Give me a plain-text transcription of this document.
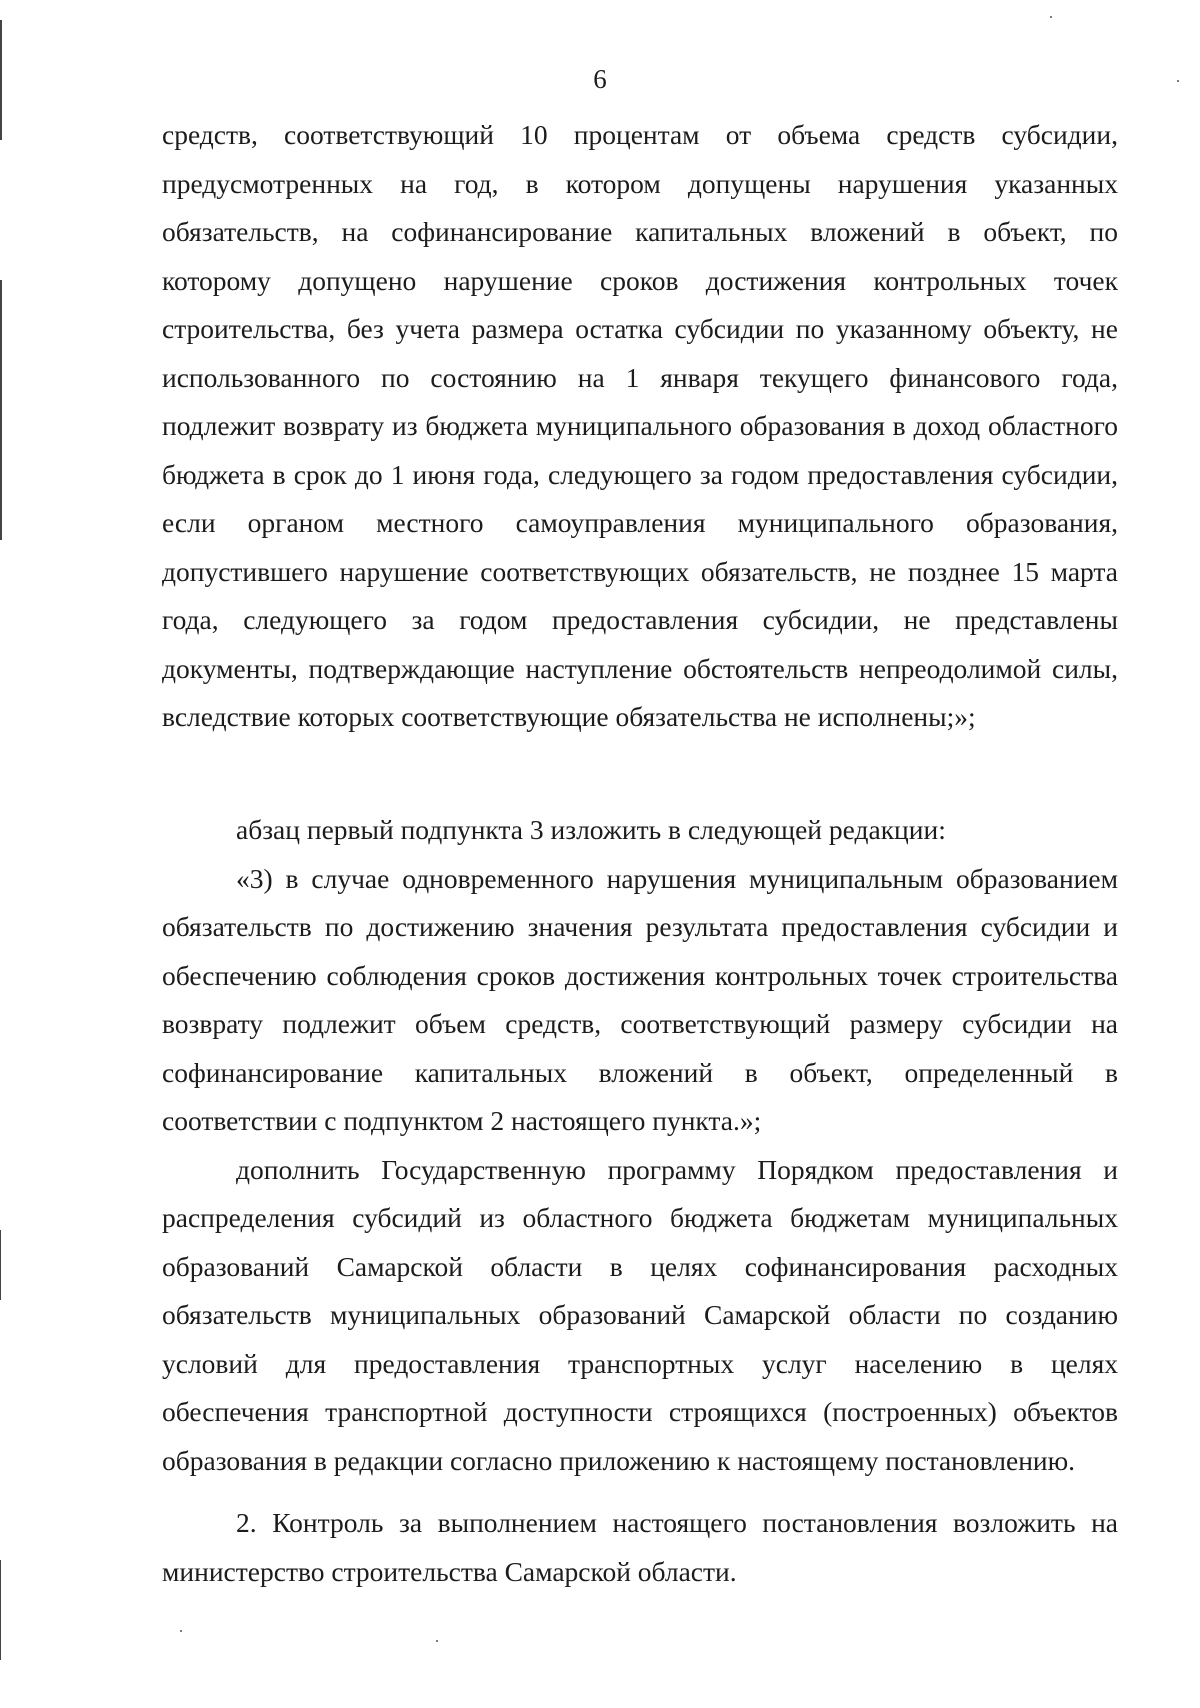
6

средств, соответствующий 10 процентам от объема средств субсидии, предусмотренных на год, в котором допущены нарушения указанных обязательств, на софинансирование капитальных вложений в объект, по которому допущено нарушение сроков достижения контрольных точек строительства, без учета размера остатка субсидии по указанному объекту, не использованного по состоянию на 1 января текущего финансового года, подлежит возврату из бюджета муниципального образования в доход областного бюджета в срок до 1 июня года, следующего за годом предоставления субсидии, если органом местного самоуправления муниципального образования, допустившего нарушение соответствующих обязательств, не позднее 15 марта года, следующего за годом предоставления субсидии, не представлены документы, подтверждающие наступление обстоятельств непреодолимой силы, вследствие которых соответствующие обязательства не исполнены;»;

абзац первый подпункта 3 изложить в следующей редакции:

«3) в случае одновременного нарушения муниципальным образованием обязательств по достижению значения результата предоставления субсидии и обеспечению соблюдения сроков достижения контрольных точек строительства возврату подлежит объем средств, соответствующий размеру субсидии на софинансирование капитальных вложений в объект, определенный в соответствии с подпунктом 2 настоящего пункта.»;

дополнить Государственную программу Порядком предоставления и распределения субсидий из областного бюджета бюджетам муниципальных образований Самарской области в целях софинансирования расходных обязательств муниципальных образований Самарской области по созданию условий для предоставления транспортных услуг населению в целях обеспечения транспортной доступности строящихся (построенных) объектов образования в редакции согласно приложению к настоящему постановлению.

2. Контроль за выполнением настоящего постановления возложить на министерство строительства Самарской области.
